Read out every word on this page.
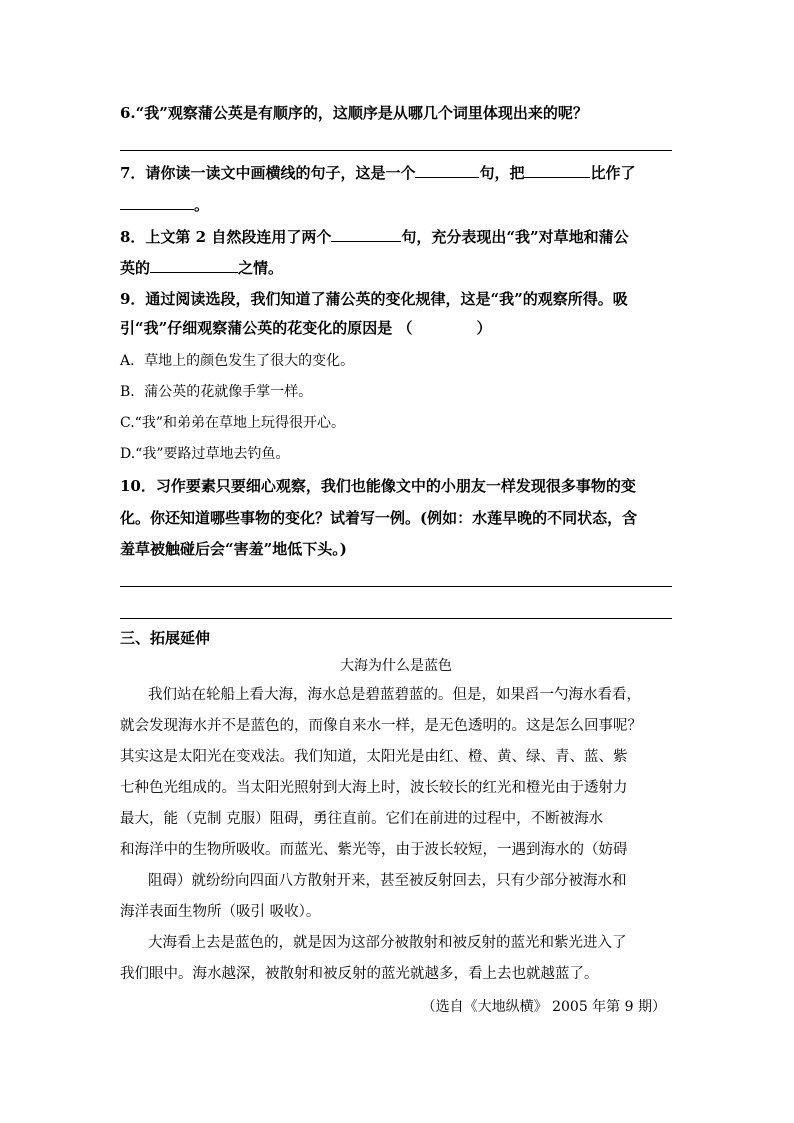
6.“我”观察蒲公英是有顺序的，这顺序是从哪几个词里体现出来的呢？
7．请你读一读文中画横线的句子，这是一个	句，把	比作了
。
8．上文第 2 自然段连用了两个	句，充分表现出“我”对草地和蒲公
英的	之情。
9．通过阅读选段，我们知道了蒲公英的变化规律，这是“我”的观察所得。吸
引“我”仔细观察蒲公英的花变化的原因是 （	）
A．草地上的颜色发生了很大的变化。
B．蒲公英的花就像手掌一样。
C.“我”和弟弟在草地上玩得很开心。
D.“我”要路过草地去钓鱼。
10．习作要素只要细心观察，我们也能像文中的小朋友一样发现很多事物的变
化。你还知道哪些事物的变化？试着写一例。(例如：水莲早晚的不同状态，含
羞草被触碰后会“害羞”地低下头。)
三、拓展延伸
大海为什么是蓝色
我们站在轮船上看大海，海水总是碧蓝碧蓝的。但是，如果舀一勺海水看看，
就会发现海水并不是蓝色的，而像自来水一样，是无色透明的。这是怎么回事呢？
其实这是太阳光在变戏法。我们知道，太阳光是由红、橙、黄、绿、青、蓝、紫
七种色光组成的。当太阳光照射到大海上时，波长较长的红光和橙光由于透射力
最大，能（克制 克服）阻碍，勇往直前。它们在前进的过程中，不断被海水
和海洋中的生物所吸收。而蓝光、紫光等，由于波长较短，一遇到海水的（妨碍
阻碍）就纷纷向四面八方散射开来，甚至被反射回去，只有少部分被海水和
海洋表面生物所（吸引 吸收）。
大海看上去是蓝色的，就是因为这部分被散射和被反射的蓝光和紫光进入了
我们眼中。海水越深，被散射和被反射的蓝光就越多，看上去也就越蓝了。
（选自《大地纵横》 2005 年第 9 期）
